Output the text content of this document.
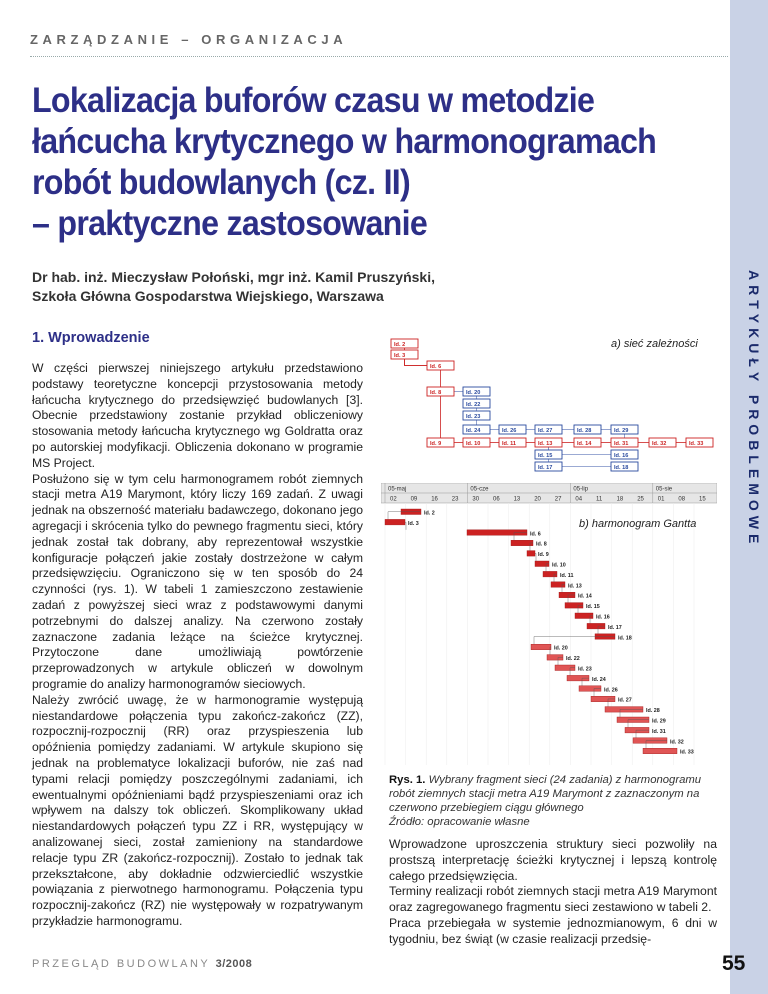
ZARZĄDZANIE – ORGANIZACJA
ARTYKUŁY PROBLEMOWE
Lokalizacja buforów czasu w metodzie
łańcucha krytycznego w harmonogramach
robót budowlanych (cz. II)
– praktyczne zastosowanie
Dr hab. inż. Mieczysław Połoński, mgr inż. Kamil Pruszyński,
Szkoła Główna Gospodarstwa Wiejskiego, Warszawa
1. Wprowadzenie

W części pierwszej niniejszego artykułu przedstawiono podstawy teoretyczne koncepcji przystosowania metody łańcucha krytycznego do przedsięwzięć budowlanych [3]. Obecnie przedstawiony zostanie przykład obliczeniowy stosowania metody łańcucha krytycznego wg Goldratta oraz po autorskiej modyfikacji. Obliczenia dokonano w programie MS Project.

Posłużono się w tym celu harmonogramem robót ziemnych stacji metra A19 Marymont, który liczy 169 zadań. Z uwagi jednak na obszerność materiału badawczego, dokonano jego agregacji i skrócenia tylko do pewnego fragmentu sieci, który jednak został tak dobrany, aby reprezentował wszystkie konfiguracje połączeń jakie zostały dostrzeżone w całym przedsięwzięciu. Ograniczono się w ten sposób do 24 czynności (rys. 1). W tabeli 1 zamieszczono zestawienie zadań z powyższej sieci wraz z podstawowymi danymi potrzebnymi do dalszej analizy. Na czerwono zostały zaznaczone zadania leżące na ścieżce krytycznej. Przytoczone dane umożliwiają powtórzenie przeprowadzonych w artykule obliczeń w dowolnym programie do analizy harmonogramów sieciowych.

Należy zwrócić uwagę, że w harmonogramie występują niestandardowe połączenia typu zakończ-zakończ (ZZ), rozpocznij-rozpocznij (RR) oraz przyspieszenia lub opóźnienia pomiędzy zadaniami. W artykule skupiono się jednak na problematyce lokalizacji buforów, nie zaś nad typami relacji pomiędzy poszczególnymi zadaniami, ich ewentualnymi opóźnieniami bądź przyspieszeniami oraz ich wpływem na dalszy tok obliczeń. Skomplikowany układ niestandardowych połączeń typu ZZ i RR, występujący w analizowanej sieci, został zamieniony na standardowe relacje typu ZR (zakończ-rozpocznij). Zostało to jednak tak przekształcone, aby dokładnie odzwierciedlić wszystkie powiązania z pierwotnego harmonogramu. Połączenia typu rozpocznij-zakończ (RZ) nie występowały w rozpatrywanym przykładzie harmonogramu.

a) sieć zależności
Id. 2
Id. 3
Id. 6
Id. 8	Id. 20
Id. 22
Id. 23
Id. 24	Id. 26	Id. 27	Id. 28	Id. 29
Id. 9	Id. 10	Id. 11	Id. 13	Id. 14	Id. 31	Id. 32	Id. 33
Id. 15	Id. 16
Id. 17	Id. 18
05-maj	05-cze	05-lip	05-sie
02 09 16 23 30 06 13 20 27 04 11 18 25 01 08 15
Id. 2
Id. 3
Id. 6
Id. 8
Id. 9
Id. 10
Id. 11
Id. 13
Id. 14
Id. 15
Id. 16
Id. 17
Id. 18
Id. 20
Id. 22
Id. 23
Id. 24
Id. 26
Id. 27
Id. 28
Id. 29
Id. 31
Id. 32
Id. 33
b) harmonogram Gantta
Rys. 1. Wybrany fragment sieci (24 zadania) z harmonogramu robót ziemnych stacji metra A19 Marymont z zaznaczonym na czerwono przebiegiem ciągu głównego
Źródło: opracowanie własne

Wprowadzone uproszczenia struktury sieci pozwoliły na prostszą interpretację ścieżki krytycznej i lepszą kontrolę całego przedsięwzięcia.

Terminy realizacji robót ziemnych stacji metra A19 Marymont oraz zagregowanego fragmentu sieci zestawiono w tabeli 2.

Praca przebiegała w systemie jednozmianowym, 6 dni w tygodniu, bez świąt (w czasie realizacji przedsię-

PRZEGLĄD BUDOWLANY 3/2008	55
